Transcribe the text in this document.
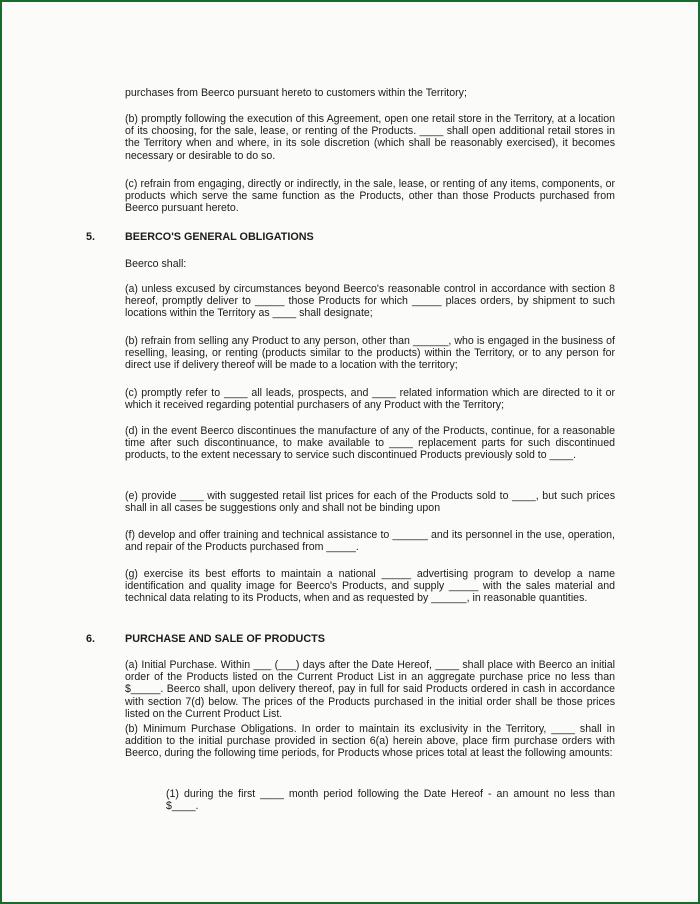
purchases from Beerco pursuant hereto to customers within the Territory;
(b) promptly following the execution of this Agreement, open one retail store in the Territory, at a location of its choosing, for the sale, lease, or renting of the Products. ____ shall open additional retail stores in the Territory when and where, in its sole discretion (which shall be reasonably exercised), it becomes necessary or desirable to do so.
(c) refrain from engaging, directly or indirectly, in the sale, lease, or renting of any items, components, or products which serve the same function as the Products, other than those Products purchased from Beerco pursuant hereto.
5.	BEERCO'S GENERAL OBLIGATIONS
Beerco shall:
(a) unless excused by circumstances beyond Beerco's reasonable control in accordance with section 8 hereof, promptly deliver to _____ those Products for which _____ places orders, by shipment to such locations within the Territory as ____ shall designate;
(b) refrain from selling any Product to any person, other than ______, who is engaged in the business of reselling, leasing, or renting (products similar to the products) within the Territory, or to any person for direct use if delivery thereof will be made to a location with the territory;
(c) promptly refer to ____ all leads, prospects, and ____ related information which are directed to it or which it received regarding potential purchasers of any Product with the Territory;
(d) in the event Beerco discontinues the manufacture of any of the Products, continue, for a reasonable time after such discontinuance, to make available to ____ replacement parts for such discontinued products, to the extent necessary to service such discontinued Products previously sold to ____.
(e) provide ____ with suggested retail list prices for each of the Products sold to ____, but such prices shall in all cases be suggestions only and shall not be binding upon
(f) develop and offer training and technical assistance to ______ and its personnel in the use, operation, and repair of the Products purchased from _____.
(g) exercise its best efforts to maintain a national _____ advertising program to develop a name identification and quality image for Beerco's Products, and supply _____ with the sales material and technical data relating to its Products, when and as requested by ______, in reasonable quantities.
6.	PURCHASE AND SALE OF PRODUCTS
(a) Initial Purchase. Within ___ (___) days after the Date Hereof, ____ shall place with Beerco an initial order of the Products listed on the Current Product List in an aggregate purchase price no less than $_____. Beerco shall, upon delivery thereof, pay in full for said Products ordered in cash in accordance with section 7(d) below. The prices of the Products purchased in the initial order shall be those prices listed on the Current Product List.
(b) Minimum Purchase Obligations. In order to maintain its exclusivity in the Territory, ____ shall in addition to the initial purchase provided in section 6(a) herein above, place firm purchase orders with Beerco, during the following time periods, for Products whose prices total at least the following amounts:
(1) during the first ____ month period following the Date Hereof - an amount no less than $____.
